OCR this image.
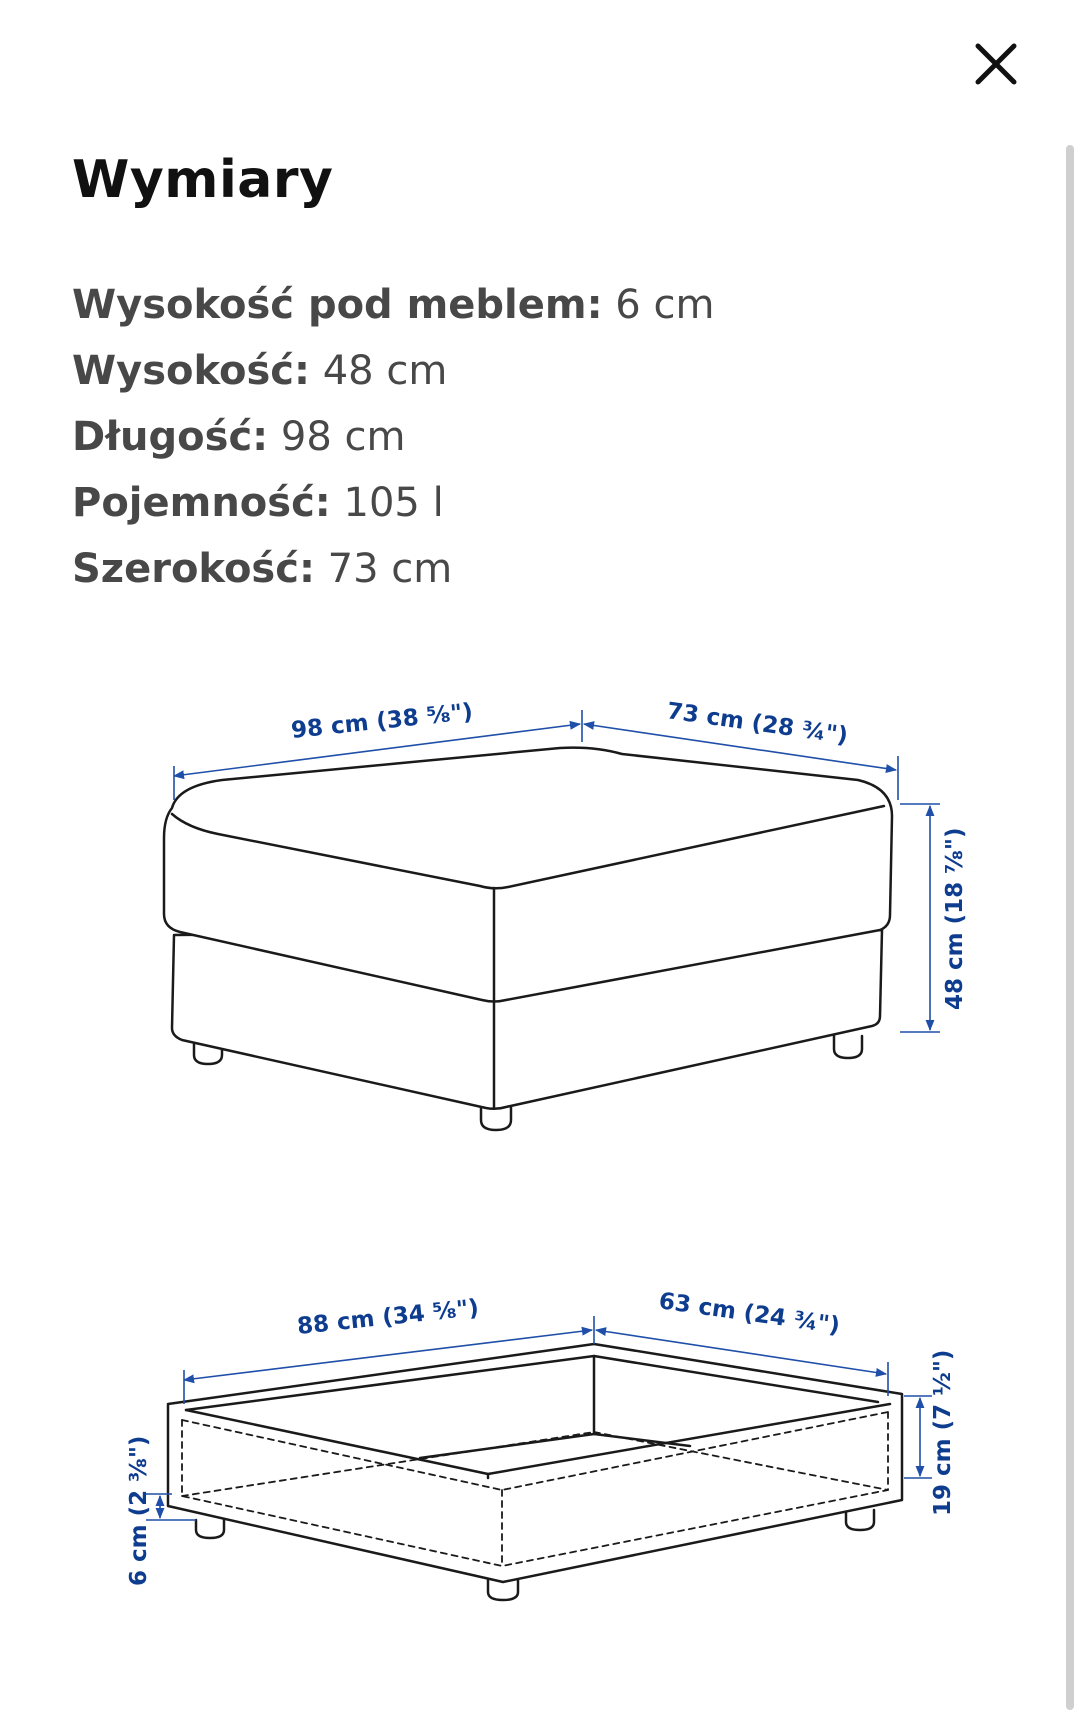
Wymiary
Wysokość pod meblem: 6 cm
Wysokość: 48 cm
Długość: 98 cm
Pojemność: 105 l
Szerokość: 73 cm
98 cm (38 ⅝")	73 cm (28 ¾")
48 cm (18 ⅞")
88 cm (34 ⅝")	63 cm (24 ¾")
19 cm (7 ½")
6 cm (2 ⅜")
